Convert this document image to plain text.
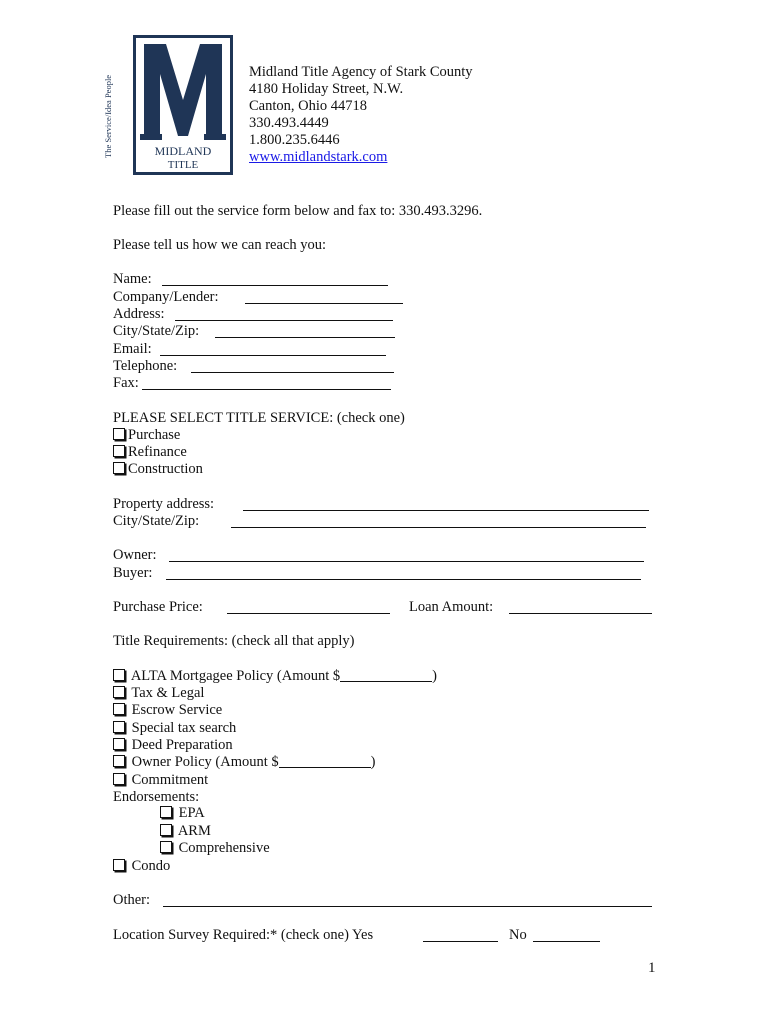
MIDLAND
TITLE
The Service/Idea People
Midland Title Agency of Stark County
4180 Holiday Street, N.W.
Canton, Ohio 44718
330.493.4449
1.800.235.6446
www.midlandstark.com
Please fill out the service form below and fax to: 330.493.3296.
Please tell us how we can reach you:
Name:
Company/Lender:
Address:
City/State/Zip:
Email:
Telephone:
Fax:
PLEASE SELECT TITLE SERVICE: (check one)
Purchase
Refinance
Construction
Property address:
City/State/Zip:
Owner:
Buyer:
Purchase Price:	Loan Amount:
Title Requirements: (check all that apply)
ALTA Mortgagee Policy (Amount $	)
Tax & Legal
Escrow Service
Special tax search
Deed Preparation
Owner Policy (Amount $	)
Commitment
Endorsements:
EPA
ARM
Comprehensive
Condo
Other:
Location Survey Required:* (check one) Yes	No
1
